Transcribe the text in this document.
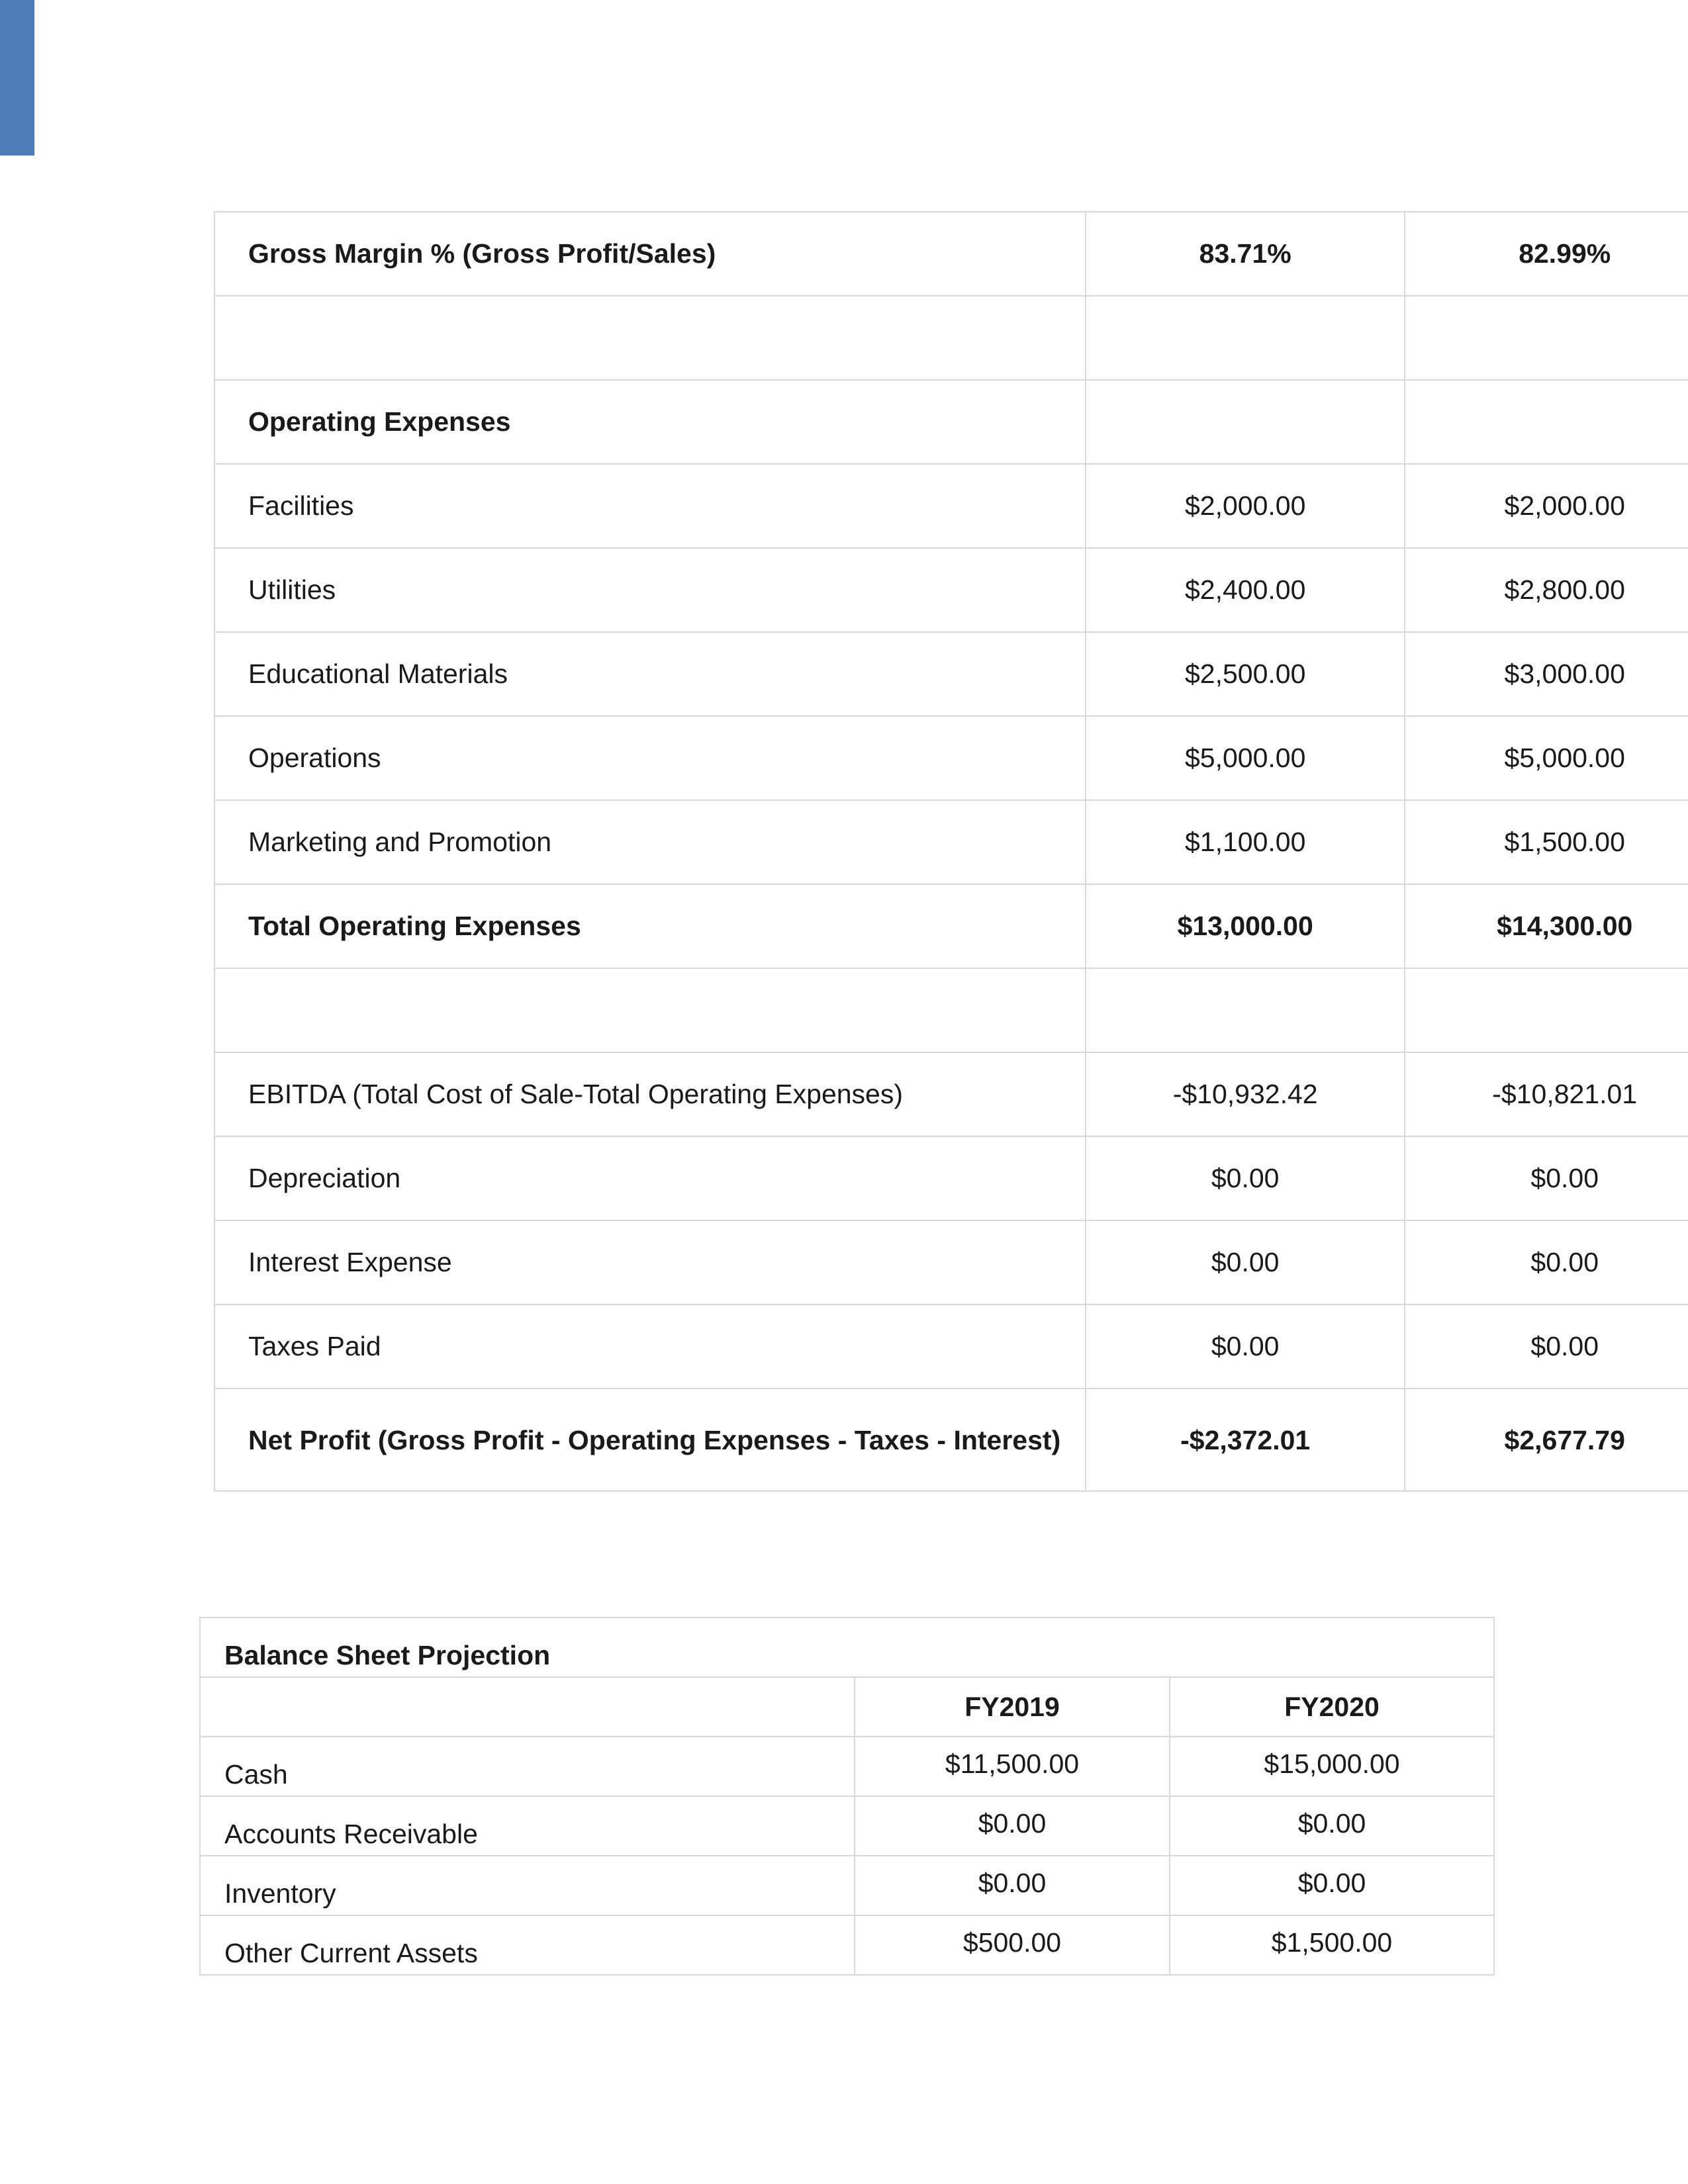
Gross Margin % (Gross Profit/Sales)	83.71%	82.99%

Operating Expenses		
Facilities	$2,000.00	$2,000.00
Utilities	$2,400.00	$2,800.00
Educational Materials	$2,500.00	$3,000.00
Operations	$5,000.00	$5,000.00
Marketing and Promotion	$1,100.00	$1,500.00
Total Operating Expenses	$13,000.00	$14,300.00

EBITDA (Total Cost of Sale-Total Operating Expenses)	-$10,932.42	-$10,821.01
Depreciation	$0.00	$0.00
Interest Expense	$0.00	$0.00
Taxes Paid	$0.00	$0.00
Net Profit (Gross Profit - Operating Expenses - Taxes - Interest)	-$2,372.01	$2,677.79
Balance Sheet Projection		
	FY2019	FY2020
Cash	$11,500.00	$15,000.00
Accounts Receivable	$0.00	$0.00
Inventory	$0.00	$0.00
Other Current Assets	$500.00	$1,500.00
